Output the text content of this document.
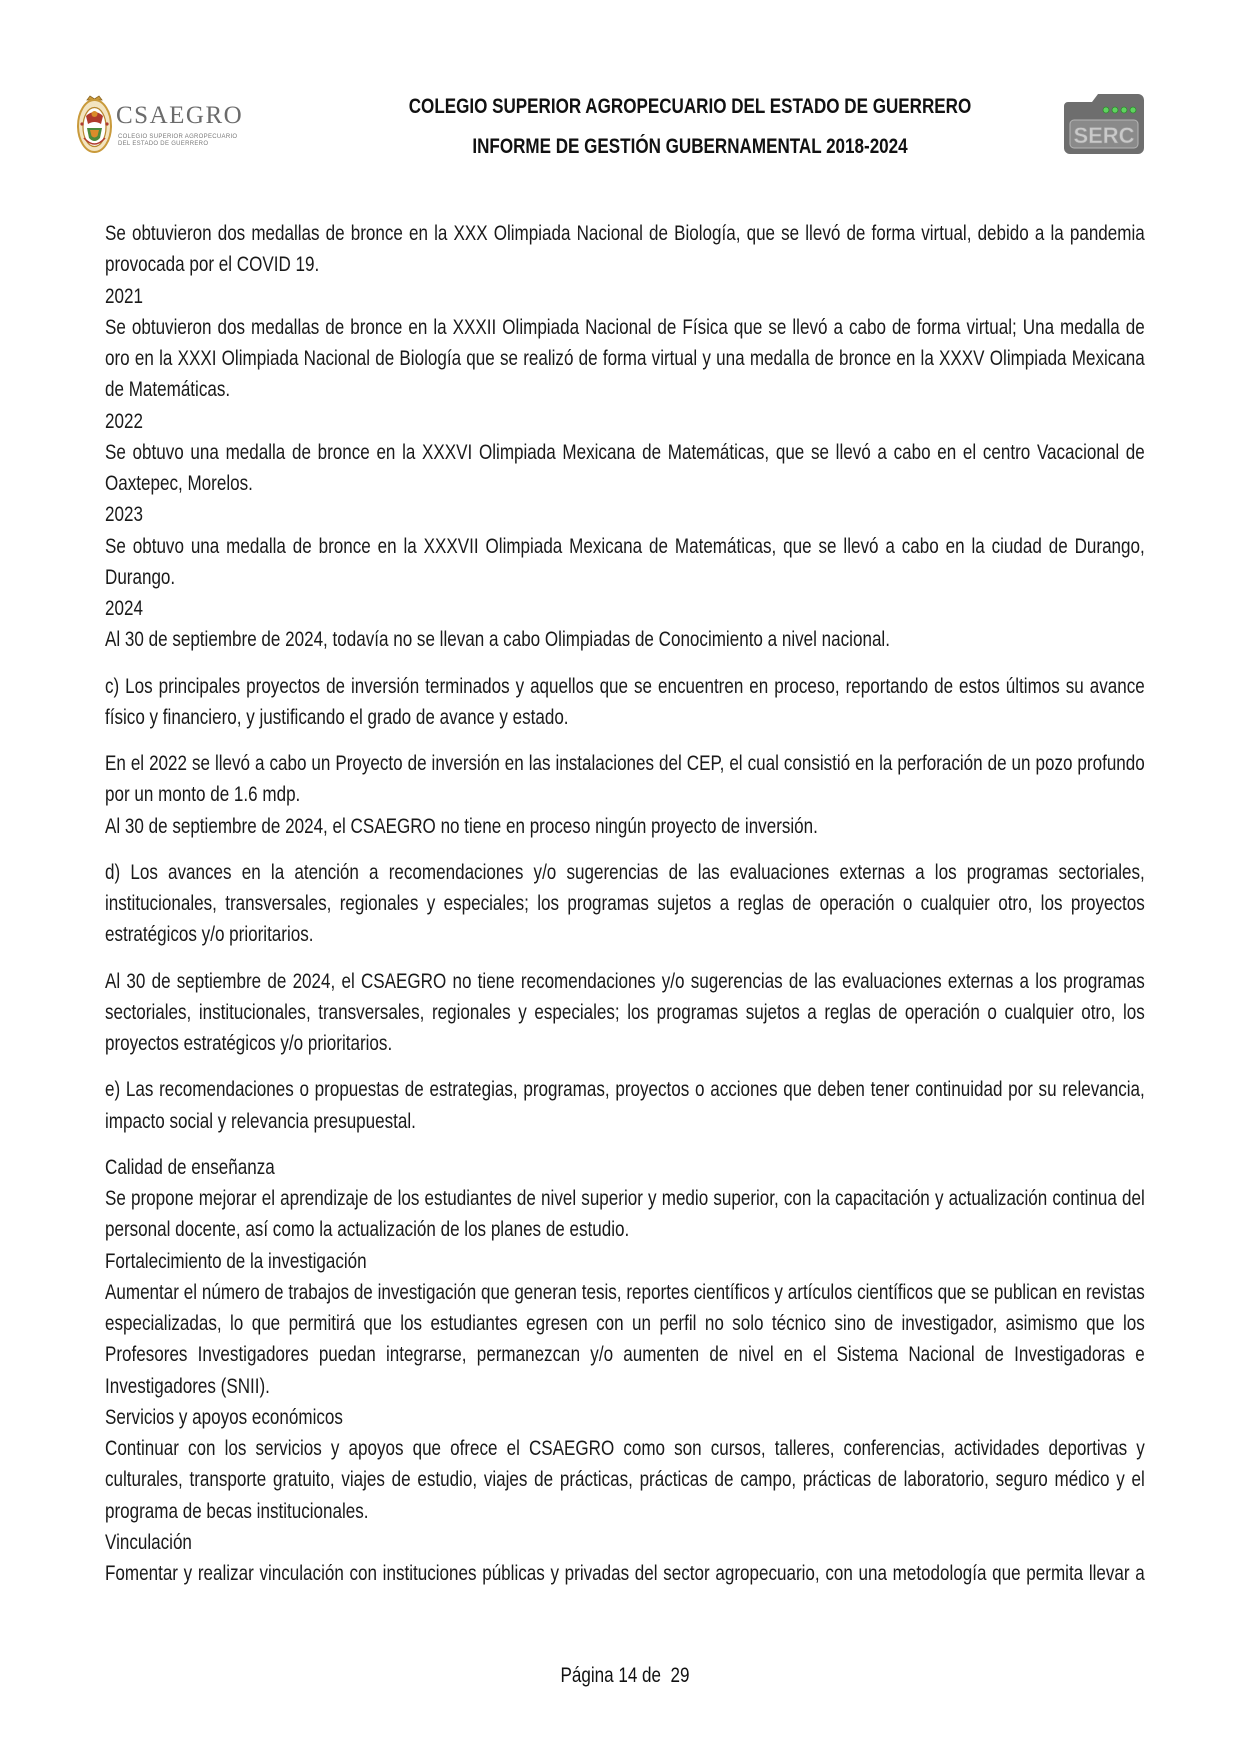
CSAEGRO
COLEGIO SUPERIOR AGROPECUARIO
DEL ESTADO DE GUERRERO
COLEGIO SUPERIOR AGROPECUARIO DEL ESTADO DE GUERRERO
INFORME DE GESTIÓN GUBERNAMENTAL 2018-2024	SERC

Se obtuvieron dos medallas de bronce en la XXX Olimpiada Nacional de Biología, que se llevó de forma virtual, debido a la pandemia provocada por el COVID 19.

2021

Se obtuvieron dos medallas de bronce en la XXXII Olimpiada Nacional de Física que se llevó a cabo de forma virtual; Una medalla de oro en la XXXI Olimpiada Nacional de Biología que se realizó de forma virtual y una medalla de bronce en la XXXV Olimpiada Mexicana de Matemáticas.

2022

Se obtuvo una medalla de bronce en la XXXVI Olimpiada Mexicana de Matemáticas, que se llevó a cabo en el centro Vacacional de Oaxtepec, Morelos.

2023

Se obtuvo una medalla de bronce en la XXXVII Olimpiada Mexicana de Matemáticas, que se llevó a cabo en la ciudad de Durango, Durango.

2024

Al 30 de septiembre de 2024, todavía no se llevan a cabo Olimpiadas de Conocimiento a nivel nacional.

c) Los principales proyectos de inversión terminados y aquellos que se encuentren en proceso, reportando de estos últimos su avance físico y financiero, y justificando el grado de avance y estado.

En el 2022 se llevó a cabo un Proyecto de inversión en las instalaciones del CEP, el cual consistió en la perforación de un pozo profundo por un monto de 1.6 mdp.

Al 30 de septiembre de 2024, el CSAEGRO no tiene en proceso ningún proyecto de inversión.

d) Los avances en la atención a recomendaciones y/o sugerencias de las evaluaciones externas a los programas sectoriales, institucionales, transversales, regionales y especiales; los programas sujetos a reglas de operación o cualquier otro, los proyectos estratégicos y/o prioritarios.

Al 30 de septiembre de 2024, el CSAEGRO no tiene recomendaciones y/o sugerencias de las evaluaciones externas a los programas sectoriales, institucionales, transversales, regionales y especiales; los programas sujetos a reglas de operación o cualquier otro, los proyectos estratégicos y/o prioritarios.

e) Las recomendaciones o propuestas de estrategias, programas, proyectos o acciones que deben tener continuidad por su relevancia, impacto social y relevancia presupuestal.

Calidad de enseñanza

Se propone mejorar el aprendizaje de los estudiantes de nivel superior y medio superior, con la capacitación y actualización continua del personal docente, así como la actualización de los planes de estudio.

Fortalecimiento de la investigación

Aumentar el número de trabajos de investigación que generan tesis, reportes científicos y artículos científicos que se publican en revistas especializadas, lo que permitirá que los estudiantes egresen con un perfil no solo técnico sino de investigador, asimismo que los Profesores Investigadores puedan integrarse, permanezcan y/o aumenten de nivel en el Sistema Nacional de Investigadoras e Investigadores (SNII).

Servicios y apoyos económicos

Continuar con los servicios y apoyos que ofrece el CSAEGRO como son cursos, talleres, conferencias, actividades deportivas y culturales, transporte gratuito, viajes de estudio, viajes de prácticas, prácticas de campo, prácticas de laboratorio, seguro médico y el programa de becas institucionales.

Vinculación

Fomentar y realizar vinculación con instituciones públicas y privadas del sector agropecuario, con una metodología que permita llevar a

Página 14 de  29
